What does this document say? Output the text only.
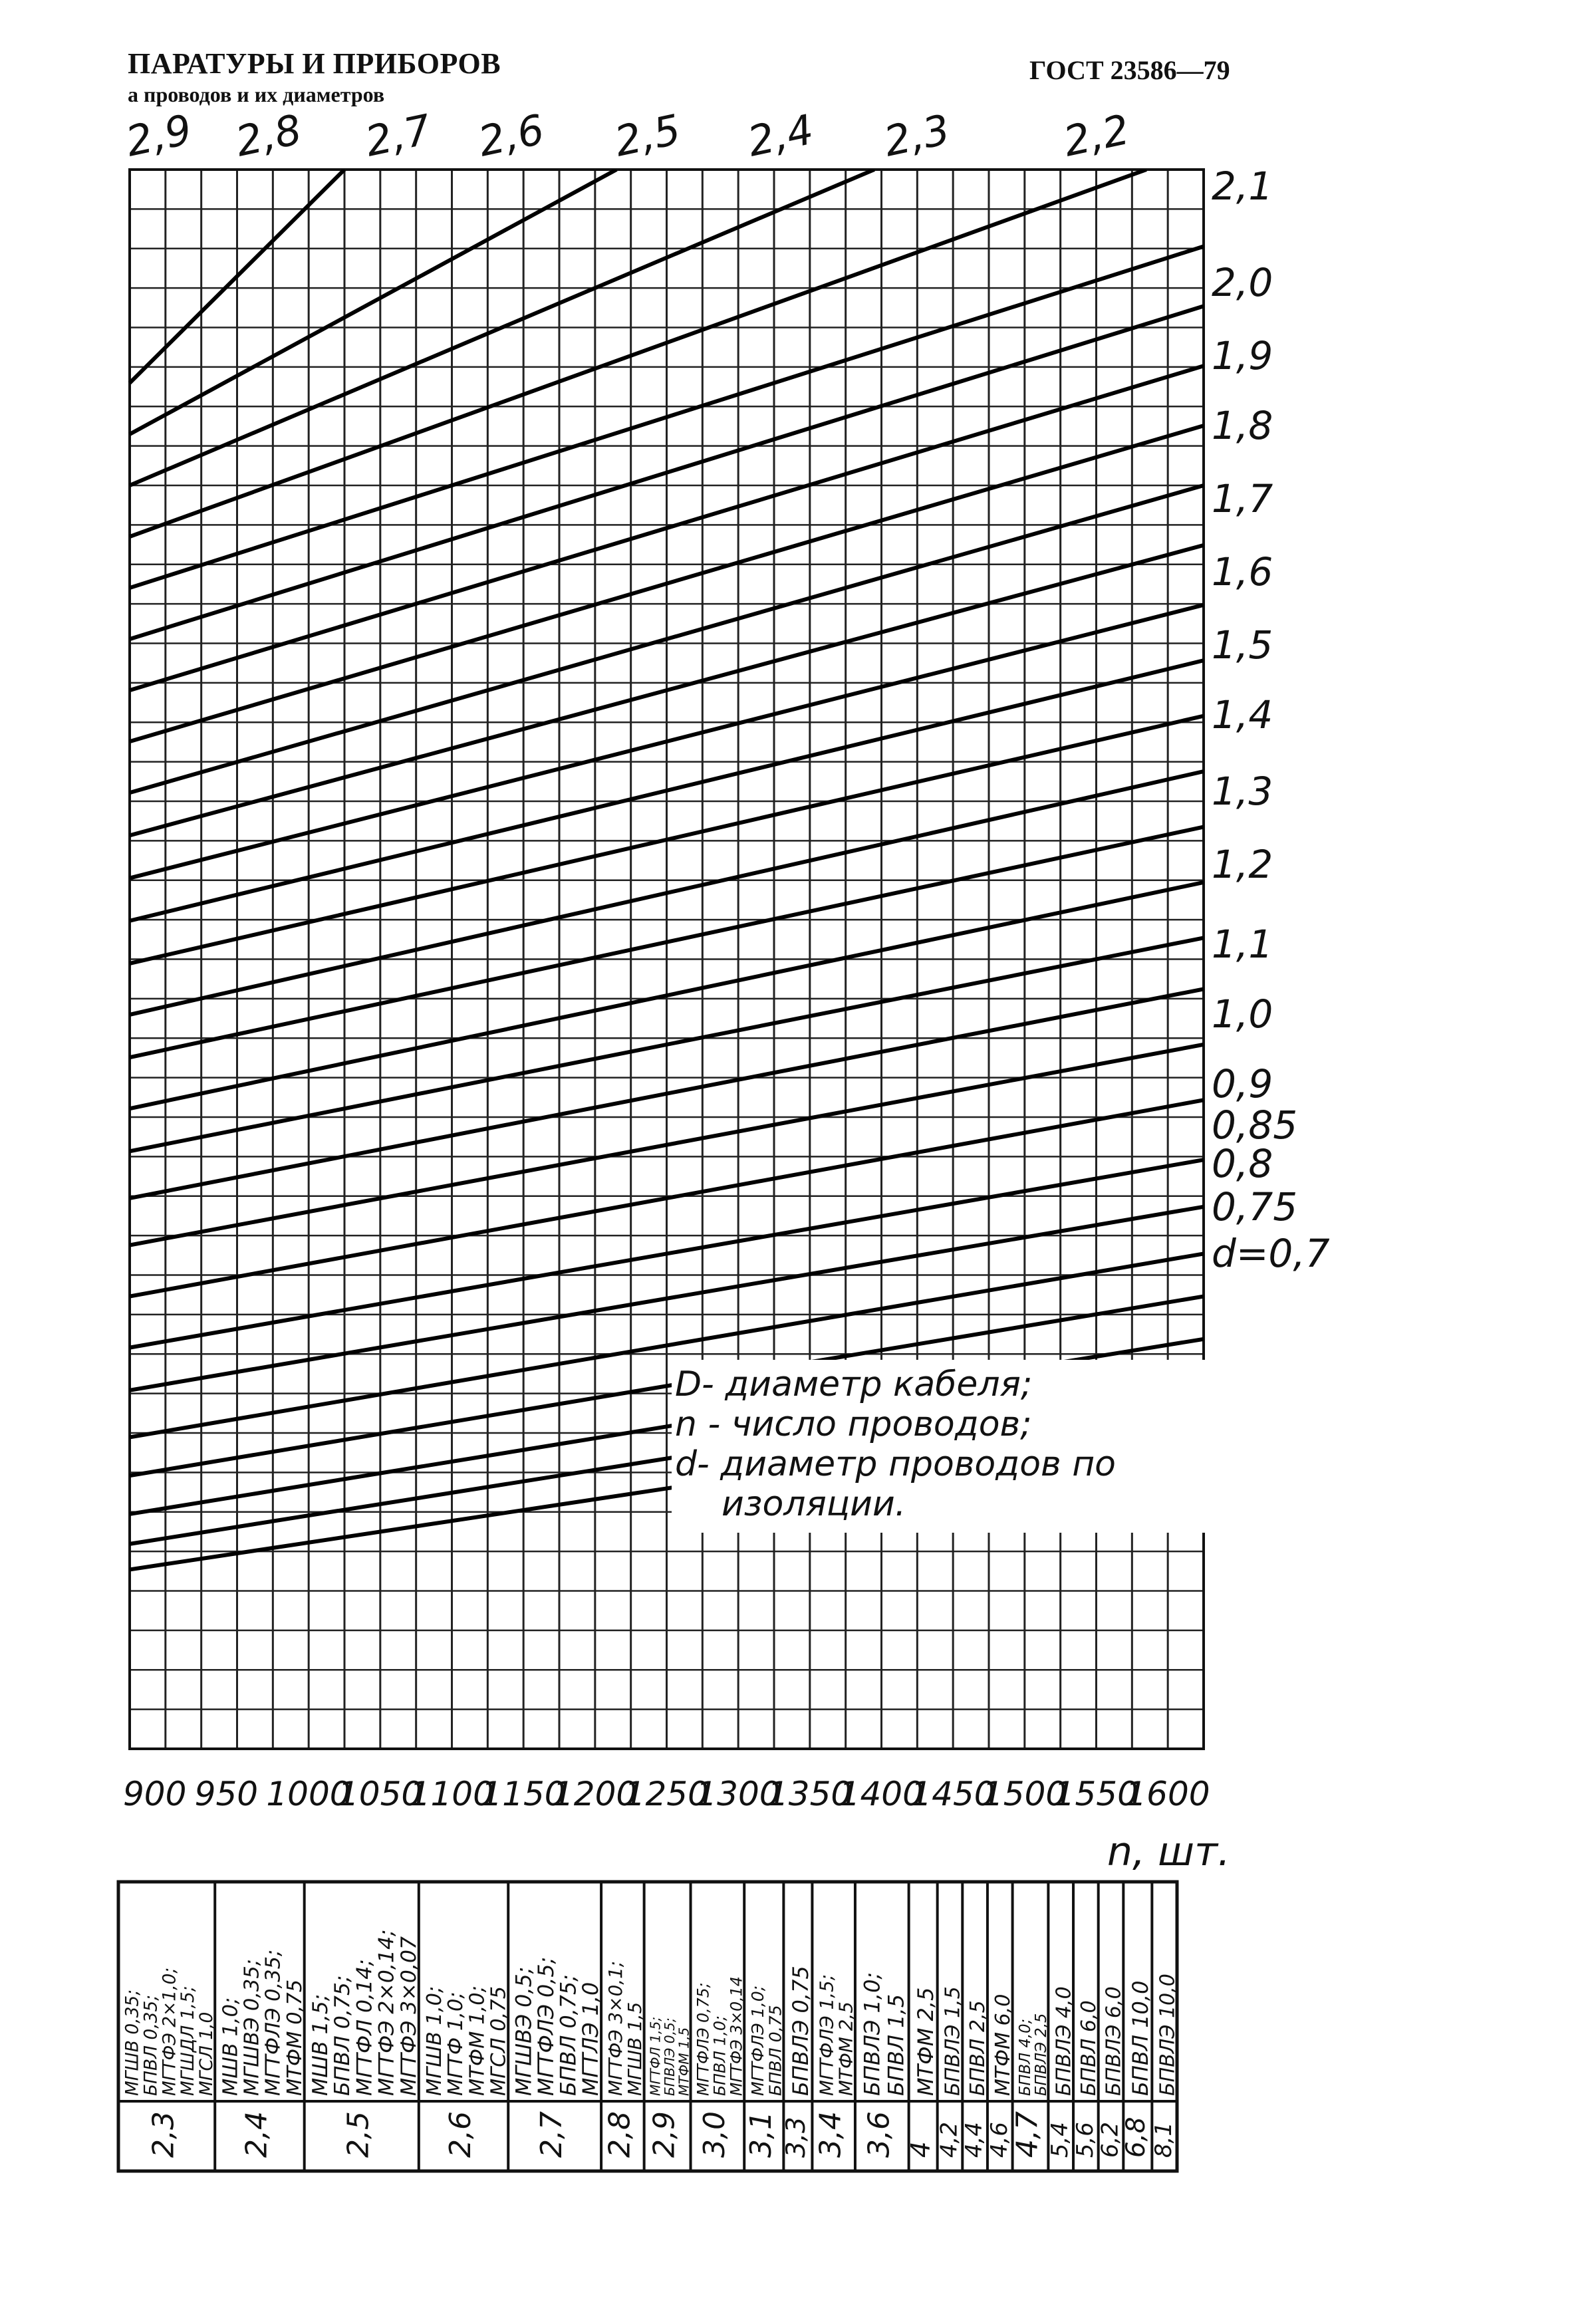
ПАРАТУРЫ И ПРИБОРОВ
а проводов и их диаметров
ГОСТ 23586—79
2,9 2,8 2,7 2,6 2,5 2,4 2,3	2,2
2,1
2,0
1,9
1,8
1,7
1,6
1,5
1,4
1,3
1,2
1,1
1,0
0,9
0,85
0,8
0,75
d=0,7
900 950 1000
1050
1100
1150
1200
1250
1300
1350
1400
1450
1500
1550
1600
n, шт.
МГШВ 0,35;
БПВЛ 0,35;
МГТФЭ 2×1,0;
МГШДЛ 1,5;
МГСЛ 1,0
2,3
МШВ 1,0;
МГШВЭ 0,35;
МГТФЛЭ 0,35;
МТФМ 0,75
2,4
МШВ 1,5;
БПВЛ 0,75;
МГТФЛ 0,14;
МГТФЭ 2×0,14;
МГТФЭ 3×0,07
2,5
МГШВ 1,0;
МГТФ 1,0;
МТФМ 1,0;
МГСЛ 0,75
2,6
МГШВЭ 0,5;
МГТФЛЭ 0,5;
БПВЛ 0,75;
МГТЛЭ 1,0
2,7
МГТФЭ 3×0,1;
МГШВ 1,5
2,8
МГТФЛ 1,5;
БПВЛЭ 0,5;
МТФМ 1,5
2,9
МГТФЛЭ 0,75;
БПВЛ 1,0;
МГТФЭ 3×0,14
3,0
МГТФЛЭ 1,0;
БПВЛ 0,75
3,1
БПВЛЭ 0,75
3,3
МГТФЛЭ 1,5;
МТФМ 2,5
3,4
БПВЛЭ 1,0;
БПВЛ 1,5
3,6
МТФМ 2,5
4
БПВЛЭ 1,5
4,2
БПВЛ 2,5
4,4
МТФМ 6,0
4,6
БПВЛ 4,0;
БПВЛЭ 2,5
4,7
БПВЛЭ 4,0
5,4
БПВЛ 6,0
5,6
БПВЛЭ 6,0
6,2
БПВЛ 10,0
6,8
БПВЛЭ 10,0
8,1
D- диаметр кабеля;
n - число проводов;
d- диаметр проводов по
изоляции.
